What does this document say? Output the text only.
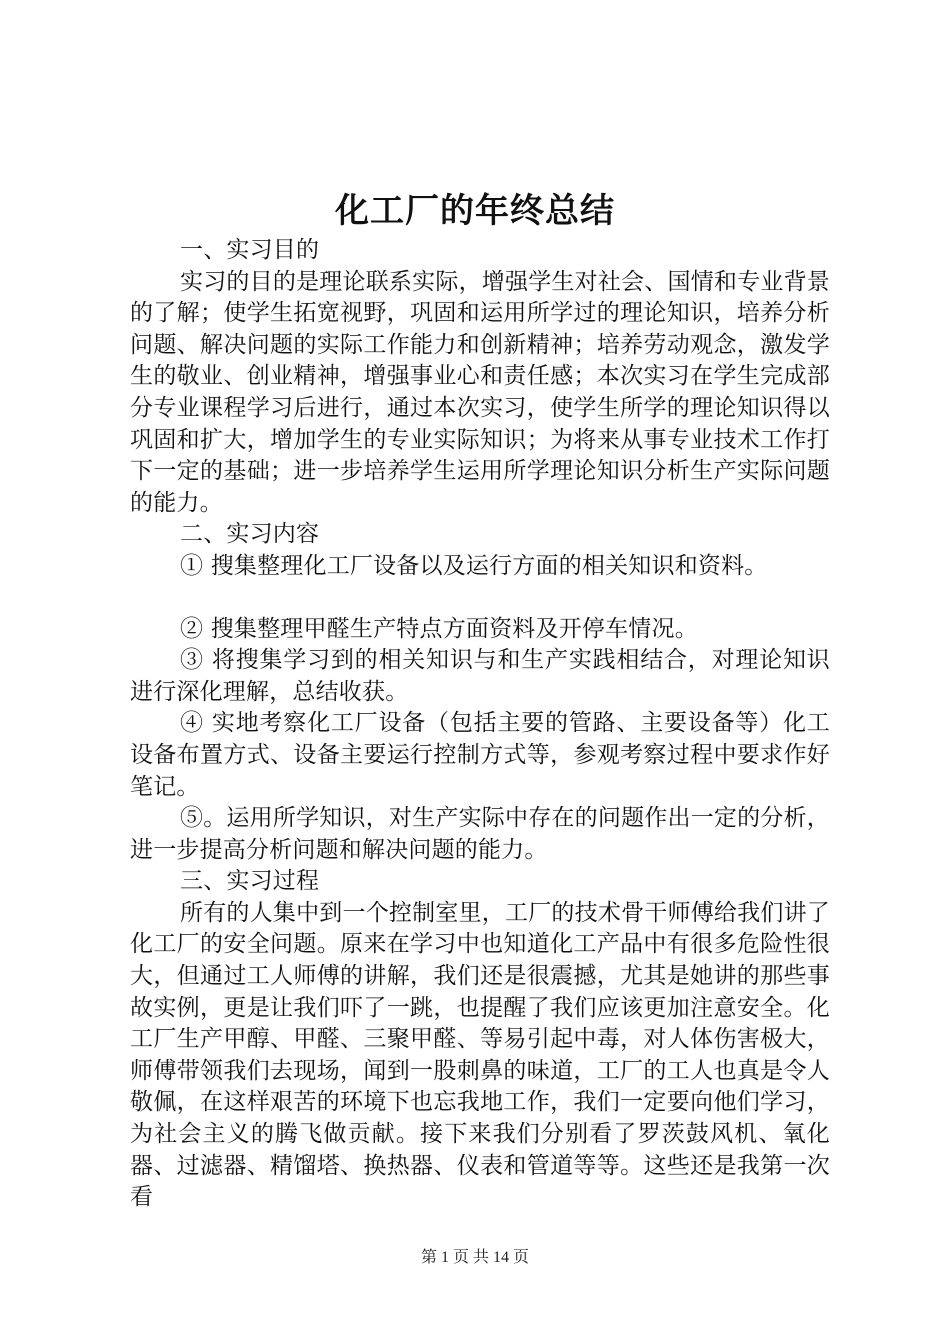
化工厂的年终总结

一、实习目的

实习的目的是理论联系实际，增强学生对社会、国情和专业背景的了解；使学生拓宽视野，巩固和运用所学过的理论知识，培养分析问题、解决问题的实际工作能力和创新精神；培养劳动观念，激发学生的敬业、创业精神，增强事业心和责任感；本次实习在学生完成部分专业课程学习后进行，通过本次实习，使学生所学的理论知识得以巩固和扩大，增加学生的专业实际知识；为将来从事专业技术工作打下一定的基础；进一步培养学生运用所学理论知识分析生产实际问题的能力。

二、实习内容

① 搜集整理化工厂设备以及运行方面的相关知识和资料。

② 搜集整理甲醛生产特点方面资料及开停车情况。

③ 将搜集学习到的相关知识与和生产实践相结合，对理论知识进行深化理解，总结收获。

④ 实地考察化工厂设备（包括主要的管路、主要设备等）化工设备布置方式、设备主要运行控制方式等，参观考察过程中要求作好笔记。

⑤。运用所学知识，对生产实际中存在的问题作出一定的分析，进一步提高分析问题和解决问题的能力。

三、实习过程

所有的人集中到一个控制室里，工厂的技术骨干师傅给我们讲了化工厂的安全问题。原来在学习中也知道化工产品中有很多危险性很大，但通过工人师傅的讲解，我们还是很震撼，尤其是她讲的那些事故实例，更是让我们吓了一跳，也提醒了我们应该更加注意安全。化工厂生产甲醇、甲醛、三聚甲醛、等易引起中毒，对人体伤害极大，师傅带领我们去现场，闻到一股刺鼻的味道，工厂的工人也真是令人敬佩，在这样艰苦的环境下也忘我地工作，我们一定要向他们学习，为社会主义的腾飞做贡献。接下来我们分别看了罗茨鼓风机、氧化器、过滤器、精馏塔、换热器、仪表和管道等等。这些还是我第一次看

第 1 页 共 14 页
